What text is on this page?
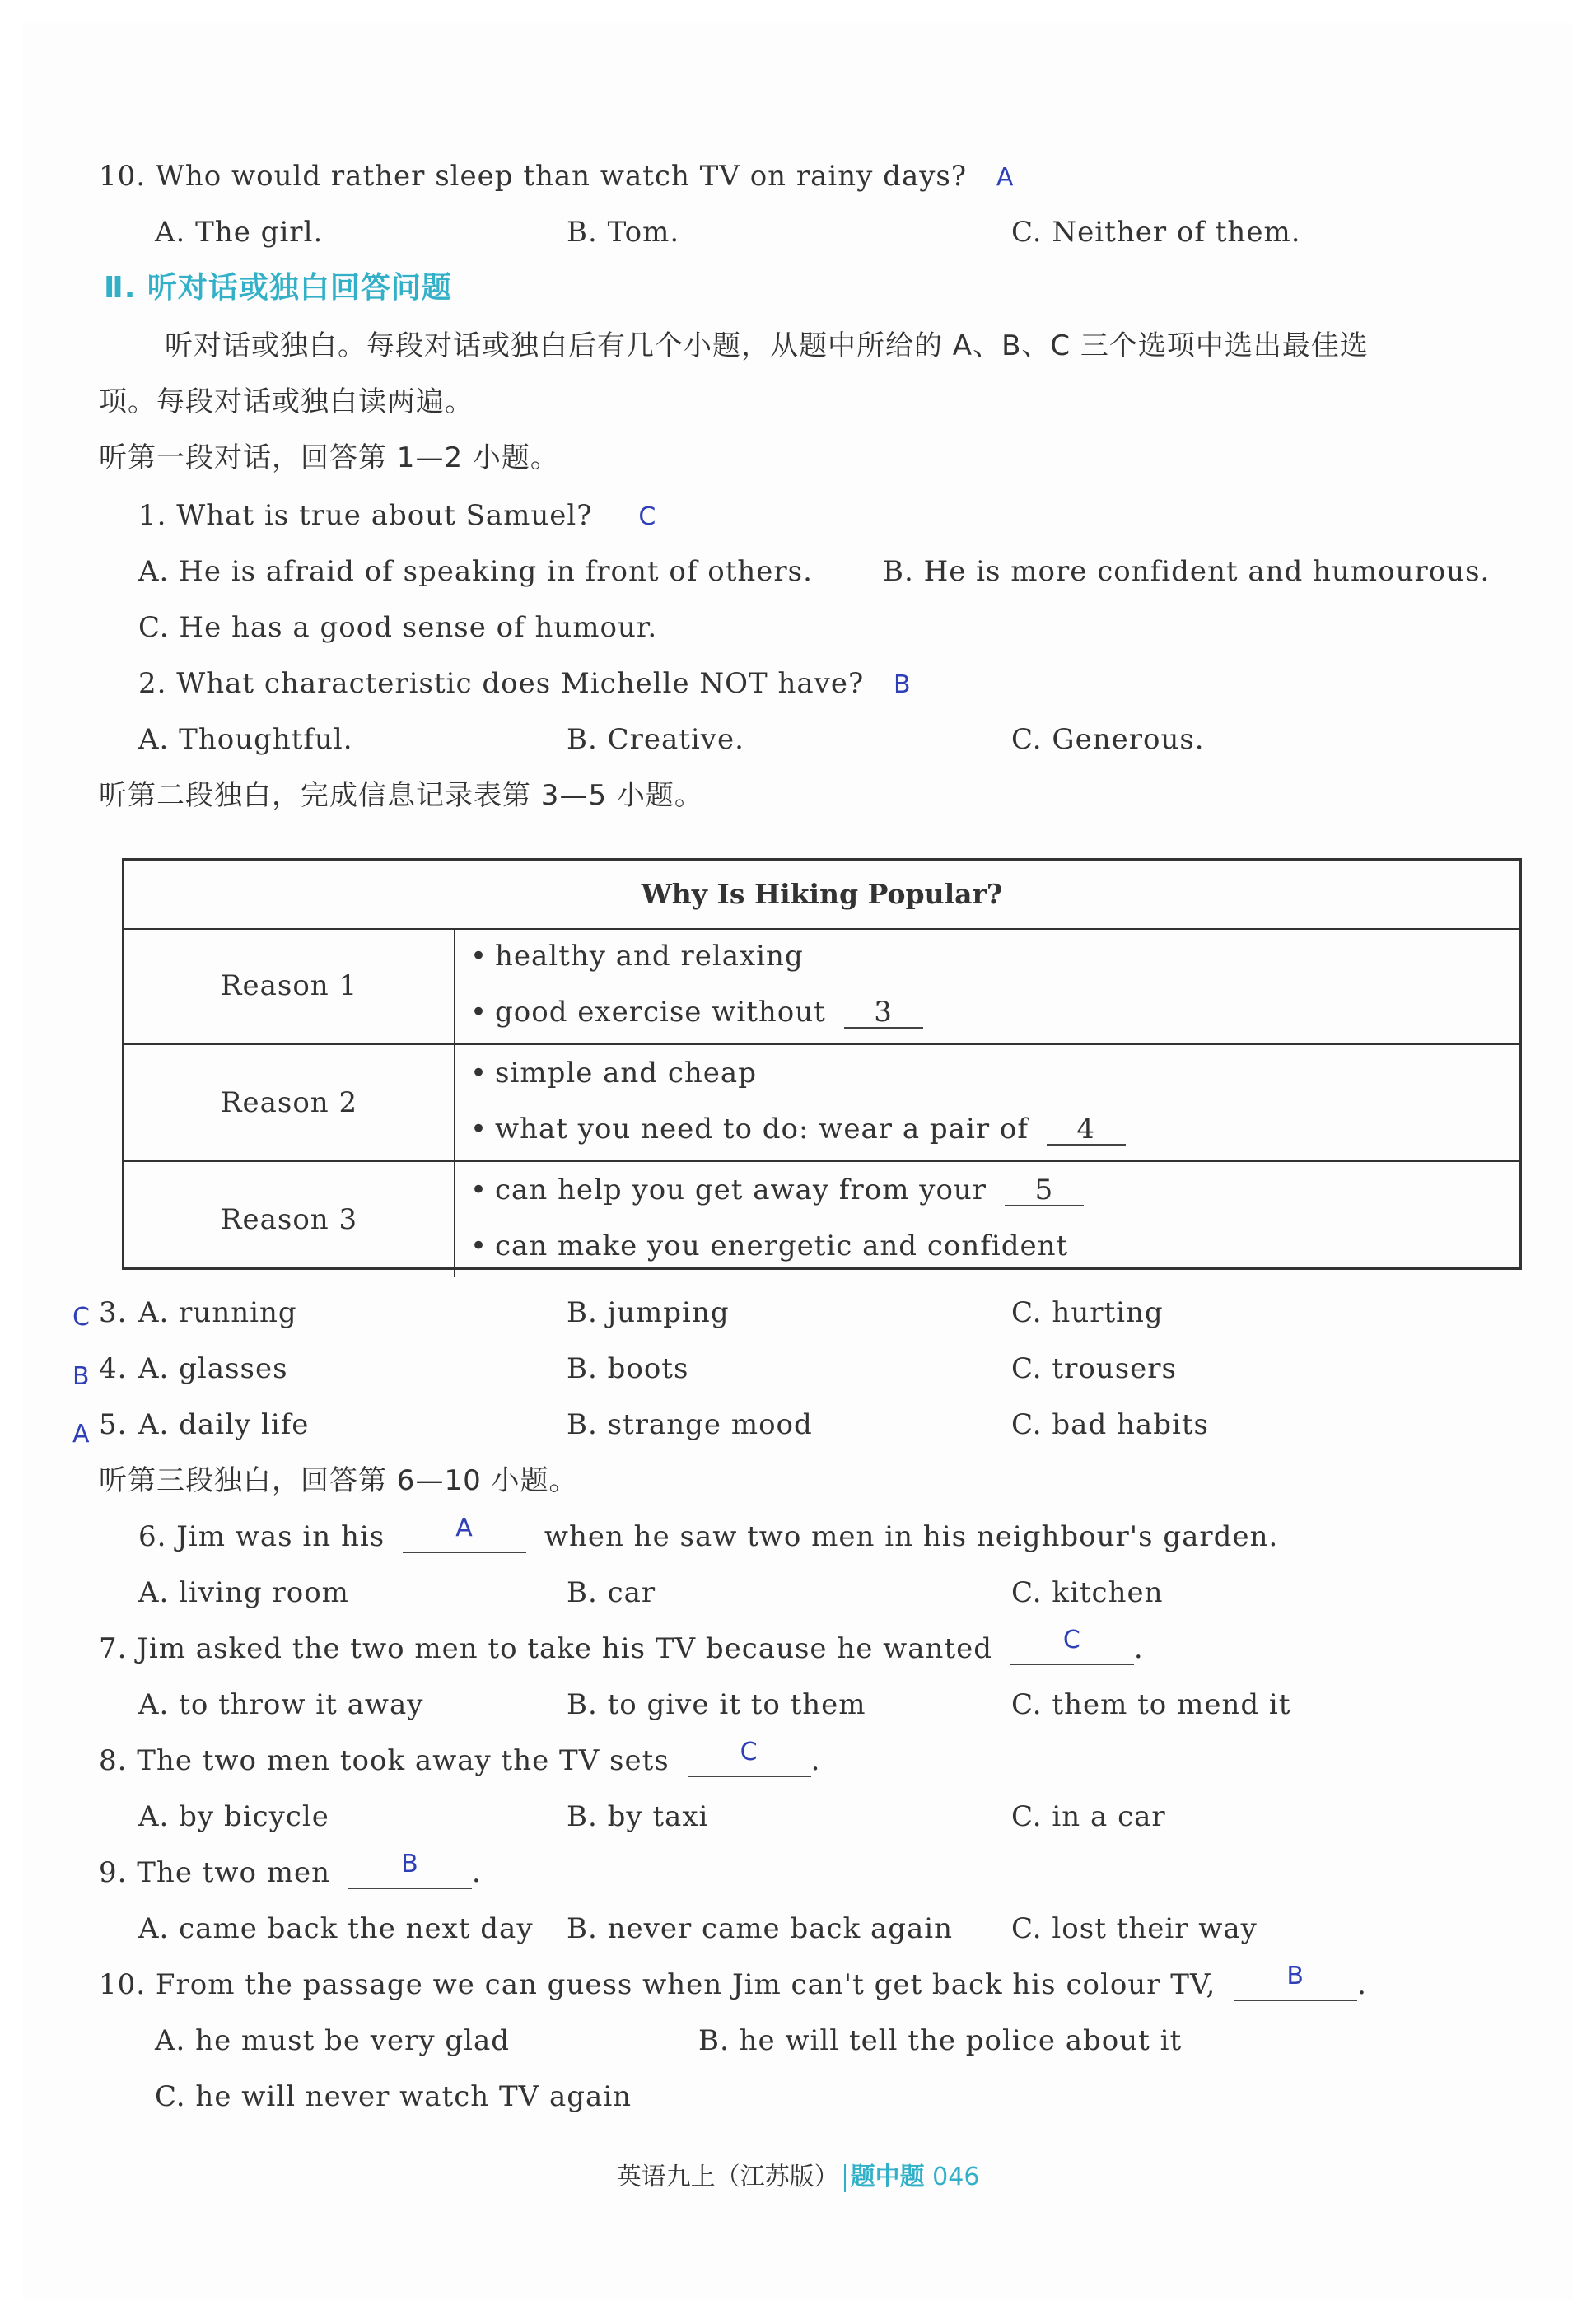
10. Who would rather sleep than watch TV on rainy days? A
A. The girl.	B. Tom.	C. Neither of them.
Ⅱ. 听对话或独白回答问题
听对话或独白。每段对话或独白后有几个小题，从题中所给的 A、B、C 三个选项中选出最佳选
项。每段对话或独白读两遍。
听第一段对话，回答第 1—2 小题。
1. What is true about Samuel? C
A. He is afraid of speaking in front of others.	B. He is more confident and humourous.
C. He has a good sense of humour.
2. What characteristic does Michelle NOT have? B
A. Thoughtful.	B. Creative.	C. Generous.
听第二段独白，完成信息记录表第 3—5 小题。
Why Is Hiking Popular?
Reason 1
• healthy and relaxing
• good exercise without 3
Reason 2
• simple and cheap
• what you need to do: wear a pair of 4
Reason 3
• can help you get away from your 5
• can make you energetic and confident
C 3. A. running	B. jumping	C. hurting
B 4. A. glasses	B. boots	C. trousers
A 5. A. daily life	B. strange mood	C. bad habits
听第三段独白，回答第 6—10 小题。
6. Jim was in his	A	when he saw two men in his neighbour's garden.
A. living room	B. car	C. kitchen
7. Jim asked the two men to take his TV because he wanted	C .
A. to throw it away	B. to give it to them	C. them to mend it
8. The two men took away the TV sets	C .
A. by bicycle	B. by taxi	C. in a car
9. The two men	B .
A. came back the next day B. never came back again C. lost their way
10. From the passage we can guess when Jim can't get back his colour TV,	B .
A. he must be very glad	B. he will tell the police about it
C. he will never watch TV again
英语九上（江苏版） 题中题 046
